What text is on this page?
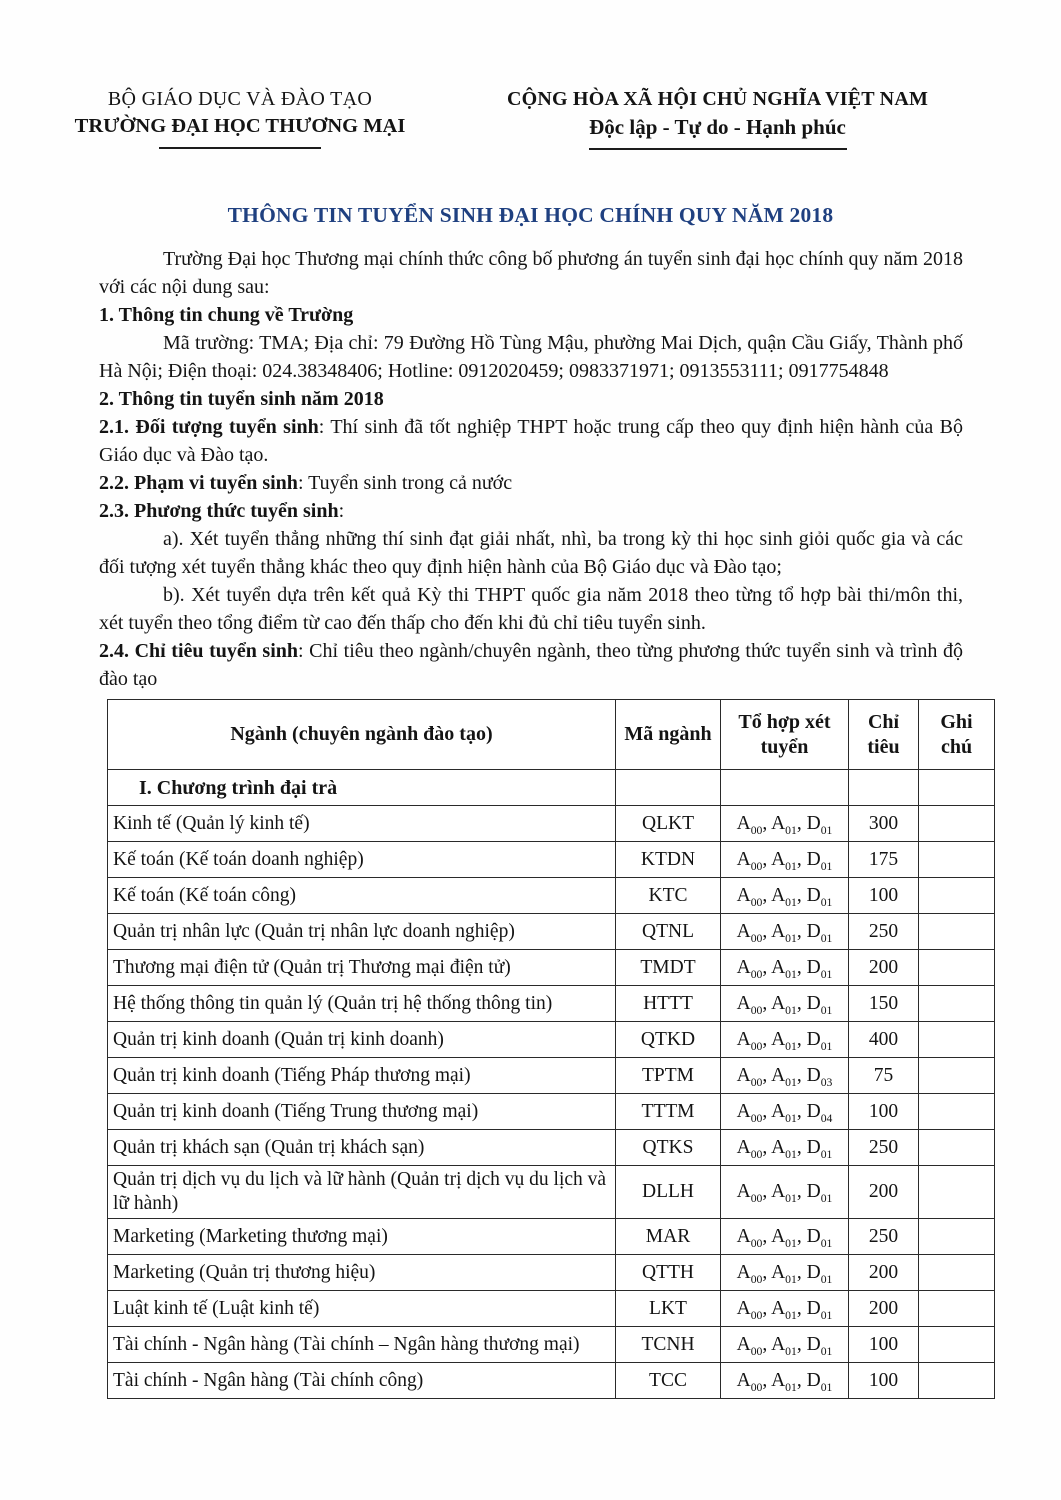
BỘ GIÁO DỤC VÀ ĐÀO TẠO
TRƯỜNG ĐẠI HỌC THƯƠNG MẠI
CỘNG HÒA XÃ HỘI CHỦ NGHĨA VIỆT NAM
Độc lập - Tự do - Hạnh phúc
THÔNG TIN TUYỂN SINH ĐẠI HỌC CHÍNH QUY NĂM 2018

Trường Đại học Thương mại chính thức công bố phương án tuyển sinh đại học chính quy năm 2018 với các nội dung sau:

1. Thông tin chung về Trường

Mã trường: TMA; Địa chỉ: 79 Đường Hồ Tùng Mậu, phường Mai Dịch, quận Cầu Giấy, Thành phố Hà Nội; Điện thoại: 024.38348406; Hotline: 0912020459; 0983371971; 0913553111; 0917754848

2. Thông tin tuyển sinh năm 2018

2.1. Đối tượng tuyển sinh: Thí sinh đã tốt nghiệp THPT hoặc trung cấp theo quy định hiện hành của Bộ Giáo dục và Đào tạo.

2.2. Phạm vi tuyển sinh: Tuyển sinh trong cả nước

2.3. Phương thức tuyển sinh:

a). Xét tuyển thẳng những thí sinh đạt giải nhất, nhì, ba trong kỳ thi học sinh giỏi quốc gia và các đối tượng xét tuyển thẳng khác theo quy định hiện hành của Bộ Giáo dục và Đào tạo;

b). Xét tuyển dựa trên kết quả Kỳ thi THPT quốc gia năm 2018 theo từng tổ hợp bài thi/môn thi, xét tuyển theo tổng điểm từ cao đến thấp cho đến khi đủ chỉ tiêu tuyển sinh.

2.4. Chỉ tiêu tuyển sinh: Chỉ tiêu theo ngành/chuyên ngành, theo từng phương thức tuyển sinh và trình độ đào tạo

Ngành (chuyên ngành đào tạo)	Mã ngành	Tổ hợp xét tuyển	Chỉ tiêu	Ghi chú
I. Chương trình đại trà				
Kinh tế (Quản lý kinh tế)	QLKT	$A_{00}$, $A_{01}$, $D_{01}$	300	
Kế toán (Kế toán doanh nghiệp)	KTDN	$A_{00}$, $A_{01}$, $D_{01}$	175	
Kế toán (Kế toán công)	KTC	$A_{00}$, $A_{01}$, $D_{01}$	100	
Quản trị nhân lực (Quản trị nhân lực doanh nghiệp)	QTNL	$A_{00}$, $A_{01}$, $D_{01}$	250	
Thương mại điện tử (Quản trị Thương mại điện tử)	TMDT	$A_{00}$, $A_{01}$, $D_{01}$	200	
Hệ thống thông tin quản lý (Quản trị hệ thống thông tin)	HTTT	$A_{00}$, $A_{01}$, $D_{01}$	150	
Quản trị kinh doanh (Quản trị kinh doanh)	QTKD	$A_{00}$, $A_{01}$, $D_{01}$	400	
Quản trị kinh doanh (Tiếng Pháp thương mại)	TPTM	$A_{00}$, $A_{01}$, $D_{03}$	75	
Quản trị kinh doanh (Tiếng Trung thương mại)	TTTM	$A_{00}$, $A_{01}$, $D_{04}$	100	
Quản trị khách sạn (Quản trị khách sạn)	QTKS	$A_{00}$, $A_{01}$, $D_{01}$	250	
Quản trị dịch vụ du lịch và lữ hành (Quản trị dịch vụ du lịch và lữ hành)	DLLH	$A_{00}$, $A_{01}$, $D_{01}$	200	
Marketing (Marketing thương mại)	MAR	$A_{00}$, $A_{01}$, $D_{01}$	250	
Marketing (Quản trị thương hiệu)	QTTH	$A_{00}$, $A_{01}$, $D_{01}$	200	
Luật kinh tế (Luật kinh tế)	LKT	$A_{00}$, $A_{01}$, $D_{01}$	200	
Tài chính - Ngân hàng (Tài chính – Ngân hàng thương mại)	TCNH	$A_{00}$, $A_{01}$, $D_{01}$	100	
Tài chính - Ngân hàng (Tài chính công)	TCC	$A_{00}$, $A_{01}$, $D_{01}$	100	
